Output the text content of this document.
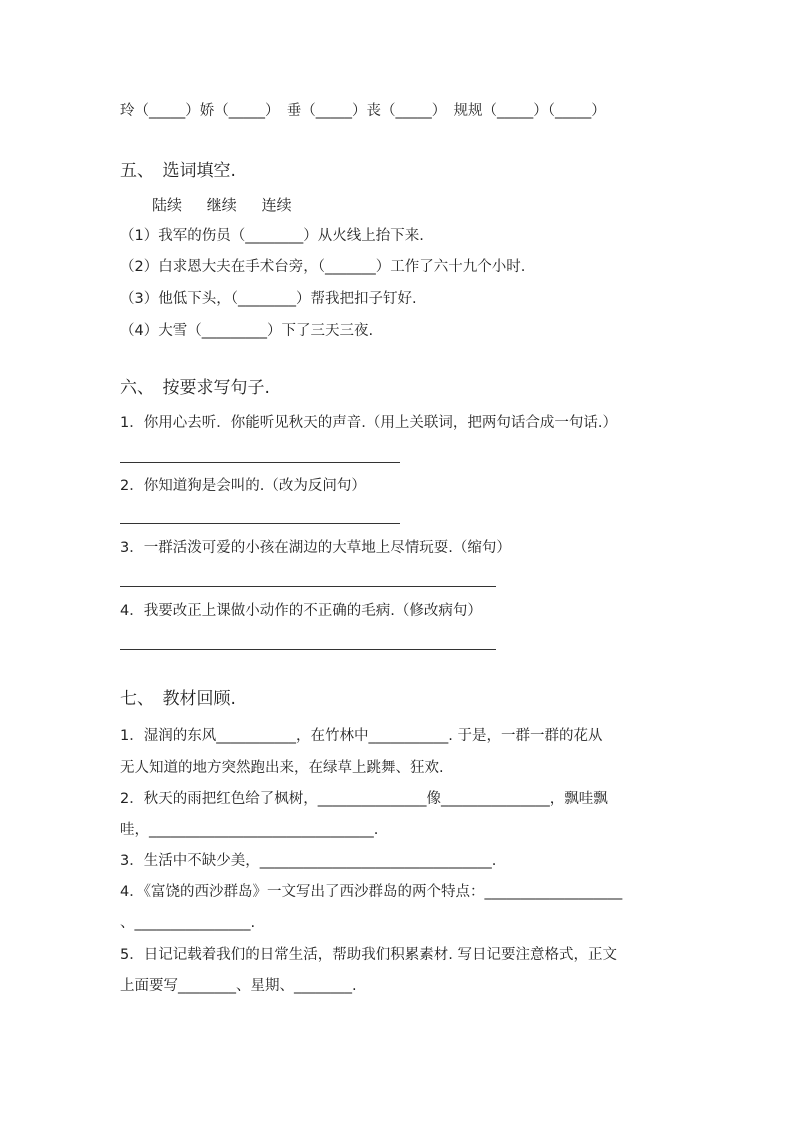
玲（_____）娇（_____）　垂（_____）丧（_____）　规规（_____）（_____）
五、　选词填空.
陆续 继续 连续
（1）我军的伤员（________）从火线上抬下来.
（2）白求恩大夫在手术台旁，（_______）工作了六十九个小时.
（3）他低下头，（________）帮我把扣子钉好.
（4）大雪（_________）下了三天三夜.
六、　按要求写句子.
1．你用心去听．你能听见秋天的声音.（用上关联词，把两句话合成一句话.）
2．你知道狗是会叫的.（改为反问句）
3．一群活泼可爱的小孩在湖边的大草地上尽情玩耍.（缩句）
4．我要改正上课做小动作的不正确的毛病.（修改病句）
七、　教材回顾.
1．湿润的东风___________，在竹林中___________. 于是，一群一群的花从
无人知道的地方突然跑出来，在绿草上跳舞、狂欢.
2．秋天的雨把红色给了枫树，_______________像_______________，飘哇飘
哇，_______________________________.
3．生活中不缺少美，________________________________.
4．《富饶的西沙群岛》一文写出了西沙群岛的两个特点：___________________
、________________.
5．日记记载着我们的日常生活，帮助我们积累素材. 写日记要注意格式，正文
上面要写________、星期、________.
